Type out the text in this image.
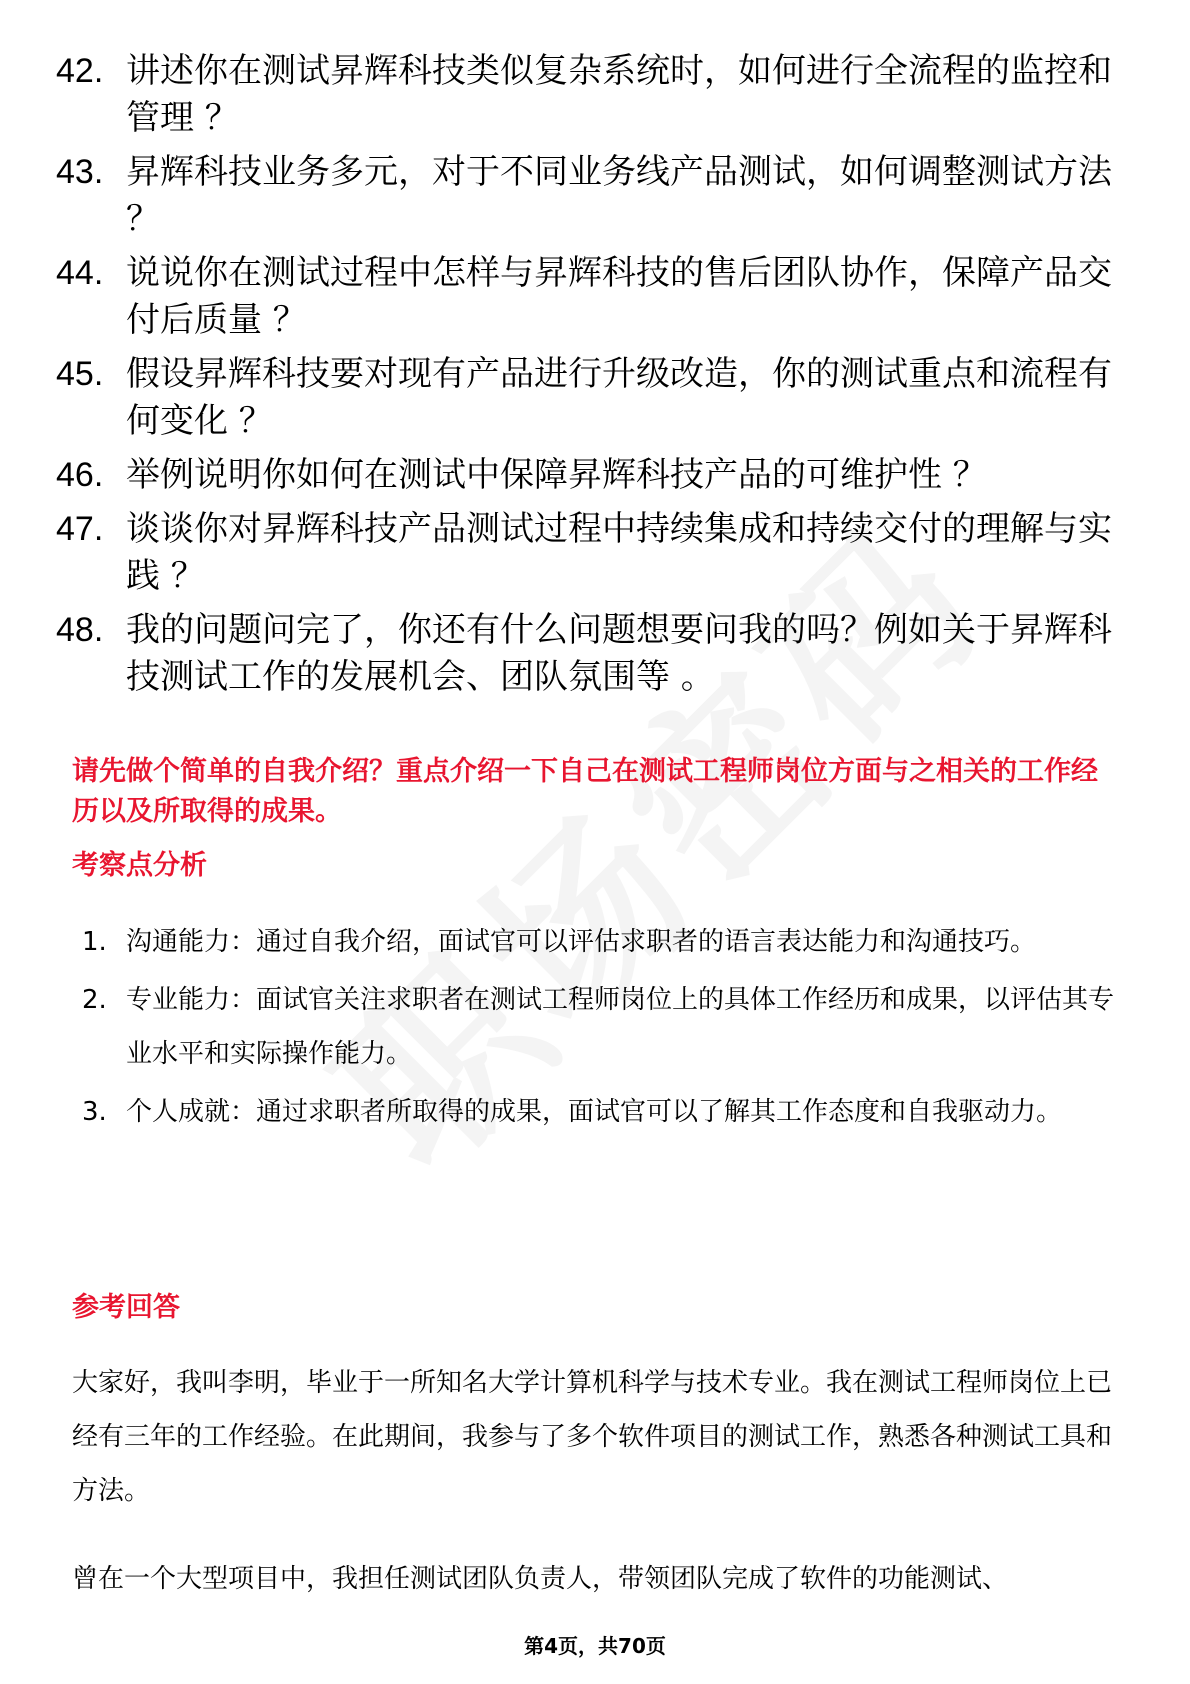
42. 讲述你在测试昇辉科技类似复杂系统时，如何进行全流程的监控和管理 ？
43. 昇辉科技业务多元，对于不同业务线产品测试，如何调整测试方法 ？
44. 说说你在测试过程中怎样与昇辉科技的售后团队协作，保障产品交付后质量 ？
45. 假设昇辉科技要对现有产品进行升级改造，你的测试重点和流程有何变化 ？
46. 举例说明你如何在测试中保障昇辉科技产品的可维护性 ？
47. 谈谈你对昇辉科技产品测试过程中持续集成和持续交付的理解与实践 ？
48. 我的问题问完了，你还有什么问题想要问我的吗？例如关于昇辉科技测试工作的发展机会、团队氛围等 。

请先做个简单的自我介绍？重点介绍一下自己在测试工程师岗位方面与之相关的工作经历以及所取得的成果。

考察点分析

1. 沟通能力：通过自我介绍，面试官可以评估求职者的语言表达能力和沟通技巧。
2. 专业能力：面试官关注求职者在测试工程师岗位上的具体工作经历和成果，以评估其专业水平和实际操作能力。
3. 个人成就：通过求职者所取得的成果，面试官可以了解其工作态度和自我驱动力。

参考回答

大家好，我叫李明，毕业于一所知名大学计算机科学与技术专业。我在测试工程师岗位上已经有三年的工作经验。在此期间，我参与了多个软件项目的测试工作，熟悉各种测试工具和方法。

曾在一个大型项目中，我担任测试团队负责人，带领团队完成了软件的功能测试、

第4页，共70页
